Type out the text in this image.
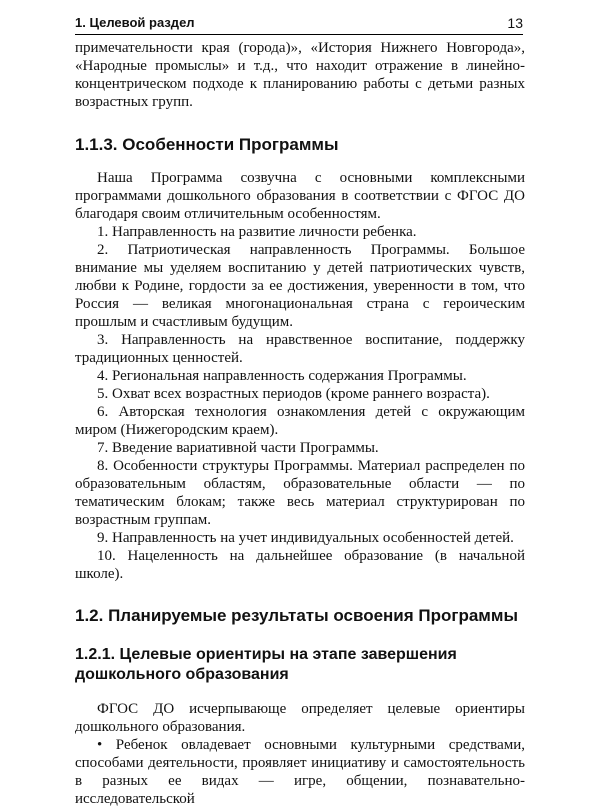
1. Целевой раздел	13

примечательности края (города)», «История Нижнего Новгорода», «Народные промыслы» и т.д., что находит отражение в линейно-концентрическом подходе к планированию работы с детьми разных возрастных групп.

1.1.3. Особенности Программы

Наша Программа созвучна с основными комплексными программами дошкольного образования в соответствии с ФГОС ДО благодаря своим отличительным особенностям.

1. Направленность на развитие личности ребенка.

2. Патриотическая направленность Программы. Большое внимание мы уделяем воспитанию у детей патриотических чувств, любви к Родине, гордости за ее достижения, уверенности в том, что Россия — великая многонациональная страна с героическим прошлым и счастливым будущим.

3. Направленность на нравственное воспитание, поддержку традиционных ценностей.

4. Региональная направленность содержания Программы.

5. Охват всех возрастных периодов (кроме раннего возраста).

6. Авторская технология ознакомления детей с окружающим миром (Нижегородским краем).

7. Введение вариативной части Программы.

8. Особенности структуры Программы. Материал распределен по образовательным областям, образовательные области — по тематическим блокам; также весь материал структурирован по возрастным группам.

9. Направленность на учет индивидуальных особенностей детей.

10. Нацеленность на дальнейшее образование (в начальной школе).

1.2. Планируемые результаты освоения Программы
1.2.1. Целевые ориентиры на этапе завершения дошкольного образования

ФГОС ДО исчерпывающе определяет целевые ориентиры дошкольного образования.

• Ребенок овладевает основными культурными средствами, способами деятельности, проявляет инициативу и самостоятельность в разных ее видах — игре, общении, познавательно-исследовательской
